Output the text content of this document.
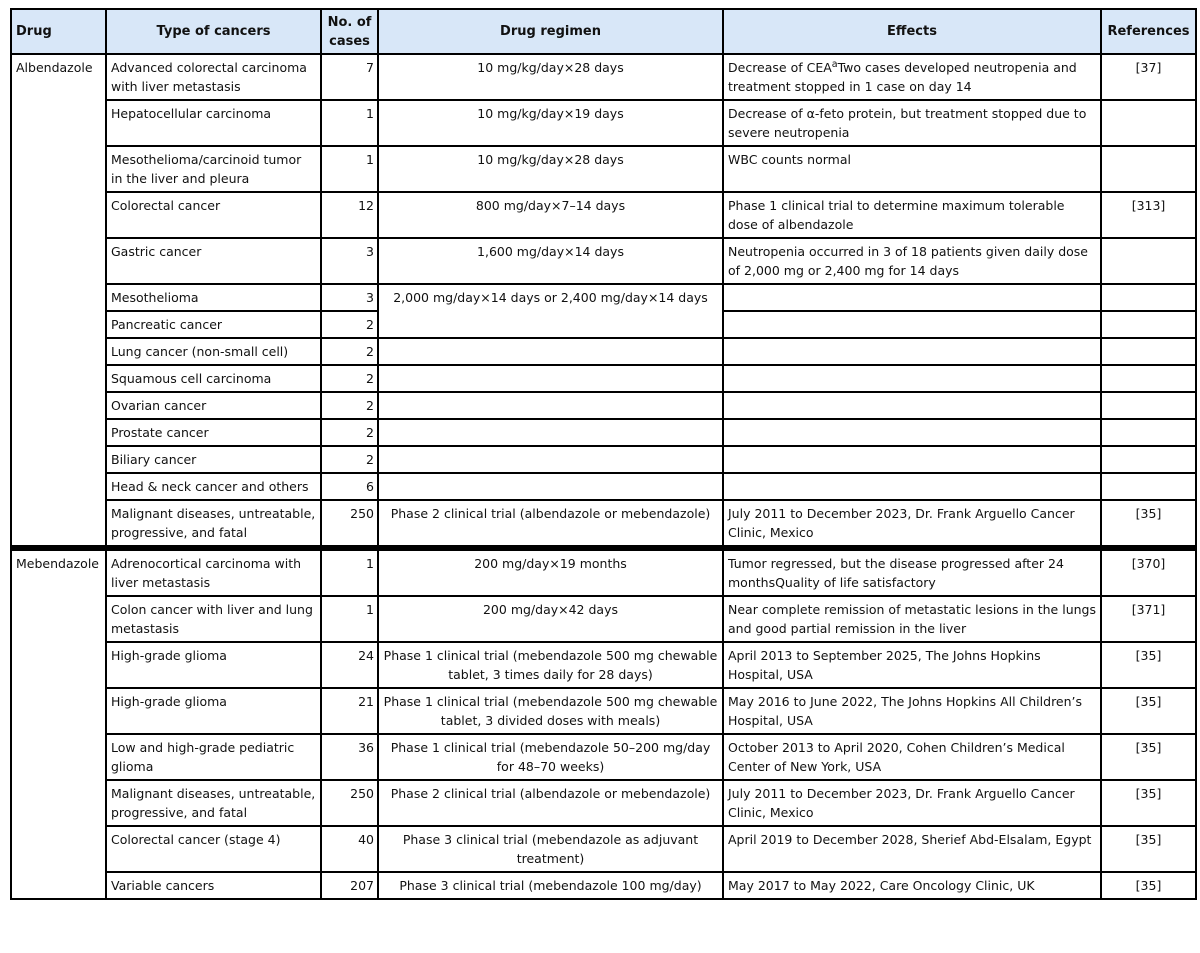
Drug	Type of cancers	No. of cases	Drug regimen	Effects	References
Albendazole	Advanced colorectal carcinoma with liver metastasis	7	10 mg/kg/day×28 days	Decrease of CEA$^a$Two cases developed neutropenia and treatment stopped in 1 case on day 14	[37]
	Hepatocellular carcinoma	1	10 mg/kg/day×19 days	Decrease of α-feto protein, but treatment stopped due to severe neutropenia	
	Mesothelioma/carcinoid tumor in the liver and pleura	1	10 mg/kg/day×28 days	WBC counts normal	
	Colorectal cancer	12	800 mg/day×7–14 days	Phase 1 clinical trial to determine maximum tolerable dose of albendazole	[313]
	Gastric cancer	3	1,600 mg/day×14 days	Neutropenia occurred in 3 of 18 patients given daily dose of 2,000 mg or 2,400 mg for 14 days	
	Mesothelioma	3	2,000 mg/day×14 days or 2,400 mg/day×14 days		
	Pancreatic cancer	2			
	Lung cancer (non-small cell)	2			
	Squamous cell carcinoma	2			
	Ovarian cancer	2			
	Prostate cancer	2			
	Biliary cancer	2			
	Head & neck cancer and others	6			
	Malignant diseases, untreatable, progressive, and fatal	250	Phase 2 clinical trial (albendazole or mebendazole)	July 2011 to December 2023, Dr. Frank Arguello Cancer Clinic, Mexico	[35]

Mebendazole	Adrenocortical carcinoma with liver metastasis	1	200 mg/day×19 months	Tumor regressed, but the disease progressed after 24 monthsQuality of life satisfactory	[370]
	Colon cancer with liver and lung metastasis	1	200 mg/day×42 days	Near complete remission of metastatic lesions in the lungs and good partial remission in the liver	[371]
	High-grade glioma	24	Phase 1 clinical trial (mebendazole 500 mg chewable tablet, 3 times daily for 28 days)	April 2013 to September 2025, The Johns Hopkins Hospital, USA	[35]
	High-grade glioma	21	Phase 1 clinical trial (mebendazole 500 mg chewable tablet, 3 divided doses with meals)	May 2016 to June 2022, The Johns Hopkins All Children’s Hospital, USA	[35]
	Low and high-grade pediatric glioma	36	Phase 1 clinical trial (mebendazole 50–200 mg/day for 48–70 weeks)	October 2013 to April 2020, Cohen Children’s Medical Center of New York, USA	[35]
	Malignant diseases, untreatable, progressive, and fatal	250	Phase 2 clinical trial (albendazole or mebendazole)	July 2011 to December 2023, Dr. Frank Arguello Cancer Clinic, Mexico	[35]
	Colorectal cancer (stage 4)	40	Phase 3 clinical trial (mebendazole as adjuvant treatment)	April 2019 to December 2028, Sherief Abd-Elsalam, Egypt	[35]
	Variable cancers	207	Phase 3 clinical trial (mebendazole 100 mg/day)	May 2017 to May 2022, Care Oncology Clinic, UK	[35]
